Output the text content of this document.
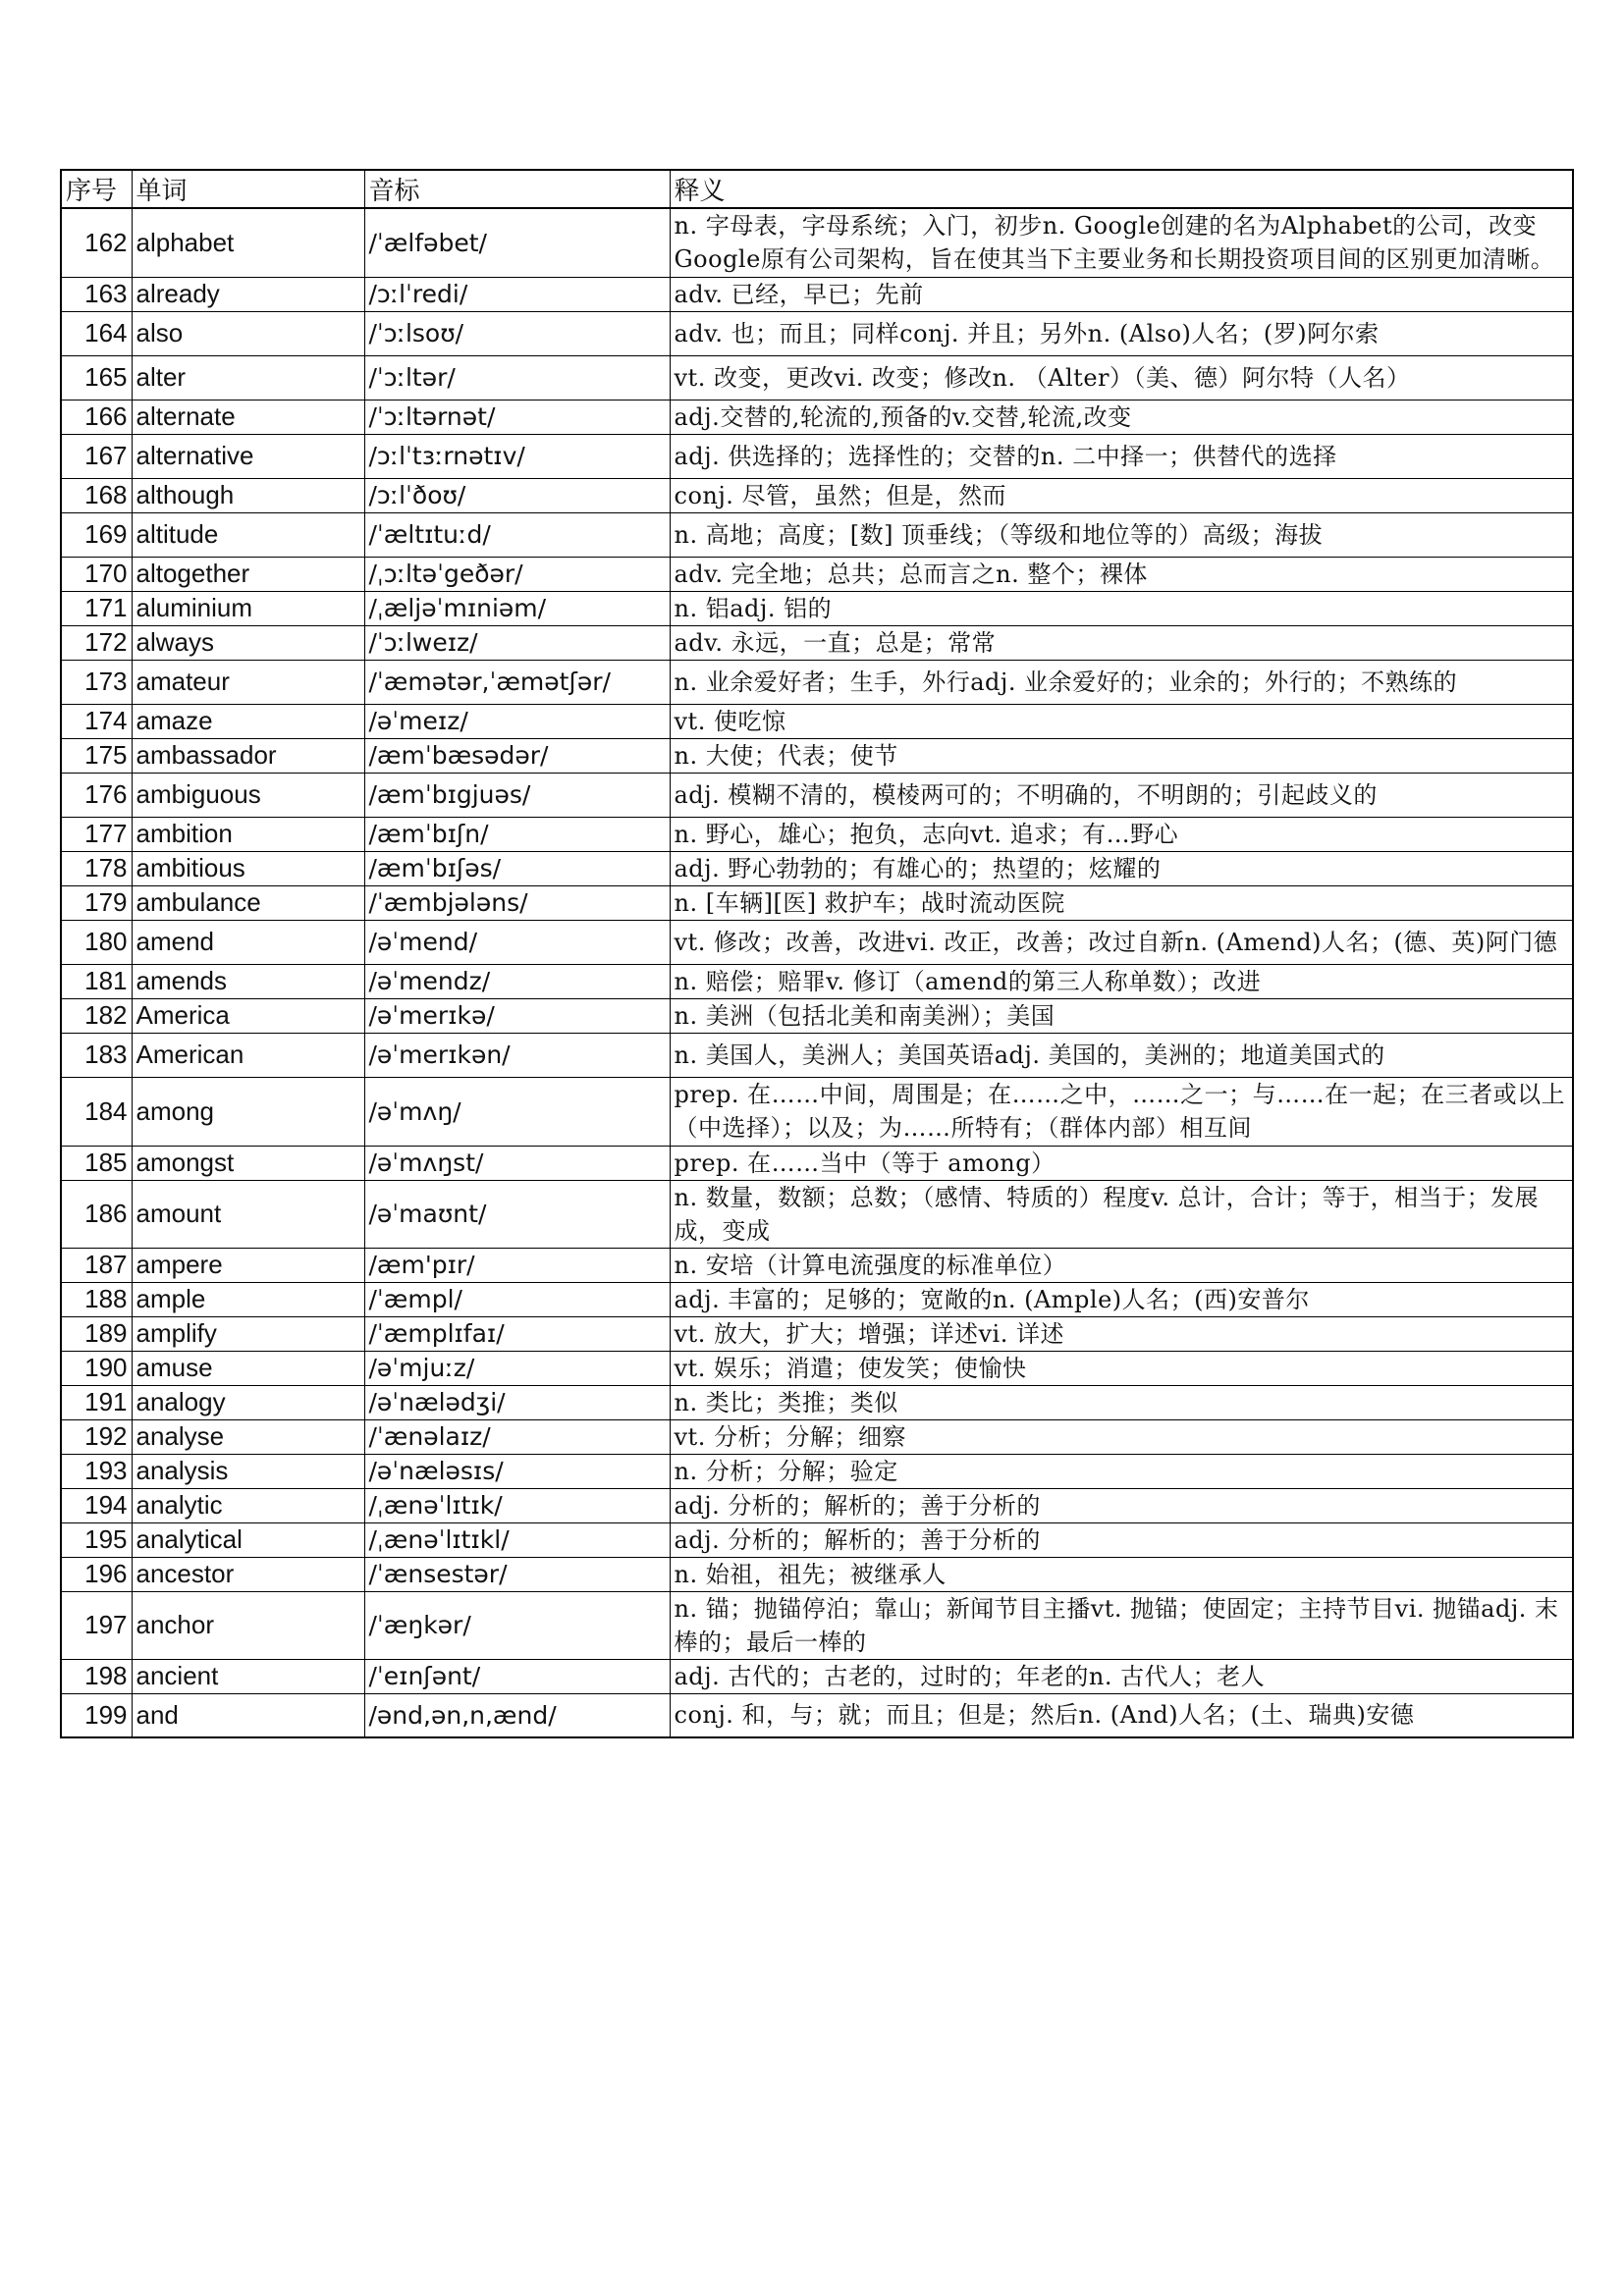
序号	单词	音标	释义
162	alphabet	/ˈælfəbet/	n. 字母表，字母系统；入门，初步n. Google创建的名为Alphabet的公司，改变Google原有公司架构，旨在使其当下主要业务和长期投资项目间的区别更加清晰。
163	already	/ɔːlˈredi/	adv. 已经，早已；先前
164	also	/ˈɔːlsoʊ/	adv. 也；而且；同样conj. 并且；另外n. (Also)人名；(罗)阿尔索
165	alter	/ˈɔːltər/	vt. 改变，更改vi. 改变；修改n. （Alter）（美、德）阿尔特（人名）
166	alternate	/ˈɔːltərnət/	adj.交替的,轮流的,预备的v.交替,轮流,改变
167	alternative	/ɔːlˈtɜːrnətɪv/	adj. 供选择的；选择性的；交替的n. 二中择一；供替代的选择
168	although	/ɔːlˈðoʊ/	conj. 尽管，虽然；但是，然而
169	altitude	/ˈæltɪtuːd/	n. 高地；高度；[数] 顶垂线；（等级和地位等的）高级；海拔
170	altogether	/ˌɔːltəˈgeðər/	adv. 完全地；总共；总而言之n. 整个；裸体
171	aluminium	/ˌæljəˈmɪniəm/	n. 铝adj. 铝的
172	always	/ˈɔːlweɪz/	adv. 永远，一直；总是；常常
173	amateur	/ˈæmətər,ˈæmətʃər/	n. 业余爱好者；生手，外行adj. 业余爱好的；业余的；外行的；不熟练的
174	amaze	/əˈmeɪz/	vt. 使吃惊
175	ambassador	/æmˈbæsədər/	n. 大使；代表；使节
176	ambiguous	/æmˈbɪgjuəs/	adj. 模糊不清的，模棱两可的；不明确的，不明朗的；引起歧义的
177	ambition	/æmˈbɪʃn/	n. 野心，雄心；抱负，志向vt. 追求；有…野心
178	ambitious	/æmˈbɪʃəs/	adj. 野心勃勃的；有雄心的；热望的；炫耀的
179	ambulance	/ˈæmbjələns/	n. [车辆][医] 救护车；战时流动医院
180	amend	/əˈmend/	vt. 修改；改善，改进vi. 改正，改善；改过自新n. (Amend)人名；(德、英)阿门德
181	amends	/əˈmendz/	n. 赔偿；赔罪v. 修订（amend的第三人称单数）；改进
182	America	/əˈmerɪkə/	n. 美洲（包括北美和南美洲）；美国
183	American	/əˈmerɪkən/	n. 美国人，美洲人；美国英语adj. 美国的，美洲的；地道美国式的
184	among	/əˈmʌŋ/	prep. 在……中间，周围是；在……之中，……之一；与……在一起；在三者或以上（中选择）；以及；为……所特有；（群体内部）相互间
185	amongst	/əˈmʌŋst/	prep. 在……当中（等于 among）
186	amount	/əˈmaʊnt/	n. 数量，数额；总数；（感情、特质的）程度v. 总计，合计；等于，相当于；发展成，变成
187	ampere	/æm'pɪr/	n. 安培（计算电流强度的标准单位）
188	ample	/ˈæmpl/	adj. 丰富的；足够的；宽敞的n. (Ample)人名；(西)安普尔
189	amplify	/ˈæmplɪfaɪ/	vt. 放大，扩大；增强；详述vi. 详述
190	amuse	/əˈmjuːz/	vt. 娱乐；消遣；使发笑；使愉快
191	analogy	/əˈnælədʒi/	n. 类比；类推；类似
192	analyse	/ˈænəlaɪz/	vt. 分析；分解；细察
193	analysis	/əˈnæləsɪs/	n. 分析；分解；验定
194	analytic	/ˌænəˈlɪtɪk/	adj. 分析的；解析的；善于分析的
195	analytical	/ˌænəˈlɪtɪkl/	adj. 分析的；解析的；善于分析的
196	ancestor	/ˈænsestər/	n. 始祖，祖先；被继承人
197	anchor	/ˈæŋkər/	n. 锚；抛锚停泊；靠山；新闻节目主播vt. 抛锚；使固定；主持节目vi. 抛锚adj. 末棒的；最后一棒的
198	ancient	/ˈeɪnʃənt/	adj. 古代的；古老的，过时的；年老的n. 古代人；老人
199	and	/ənd,ən,n,ænd/	conj. 和，与；就；而且；但是；然后n. (And)人名；(土、瑞典)安德
